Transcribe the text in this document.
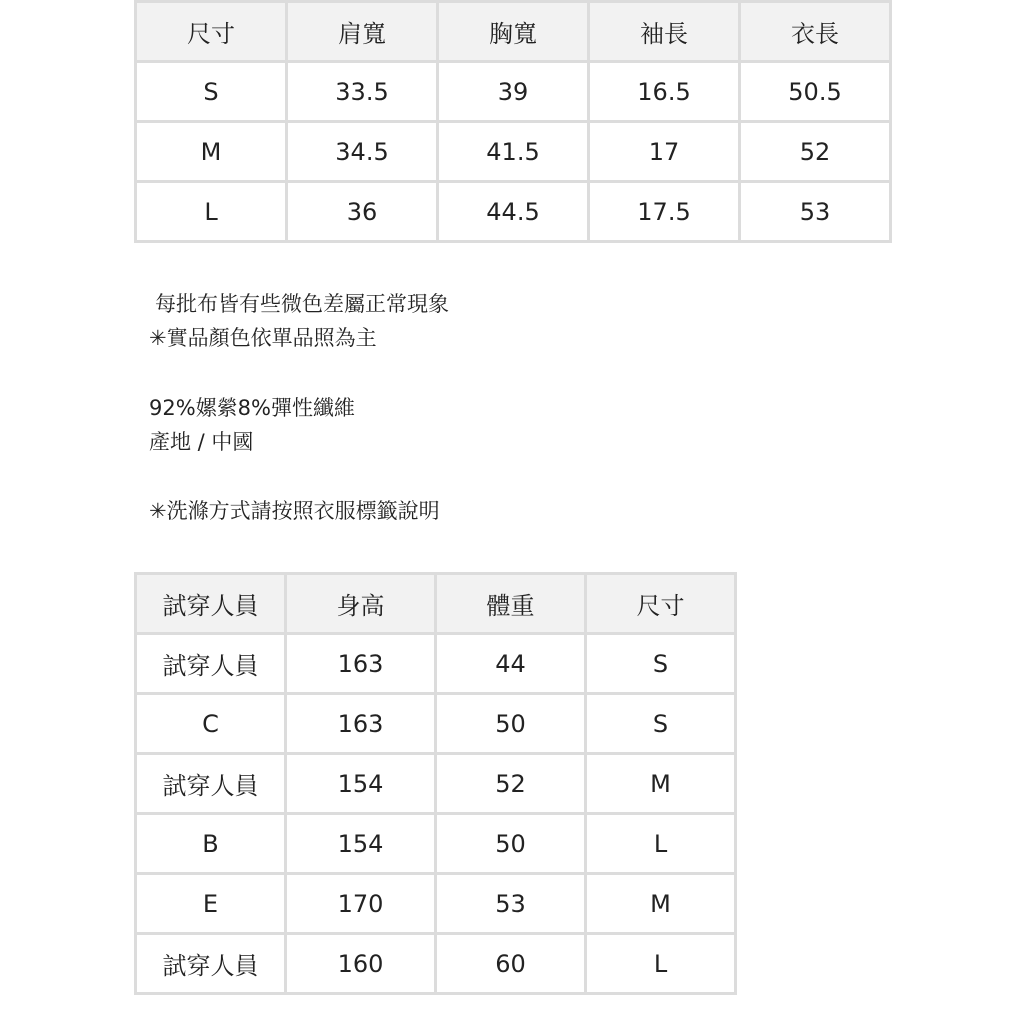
尺寸	肩寬	胸寬	袖長	衣長
S	33.5	39	16.5	50.5
M	34.5	41.5	17	52
L	36	44.5	17.5	53

每批布皆有些微色差屬正常現象

✳實品顏色依單品照為主

92%嫘縈8%彈性纖維

產地 / 中國

✳洗滌方式請按照衣服標籤說明

試穿人員	身高	體重	尺寸
試穿人員	163	44	S
C	163	50	S
試穿人員	154	52	M
B	154	50	L
E	170	53	M
試穿人員	160	60	L
